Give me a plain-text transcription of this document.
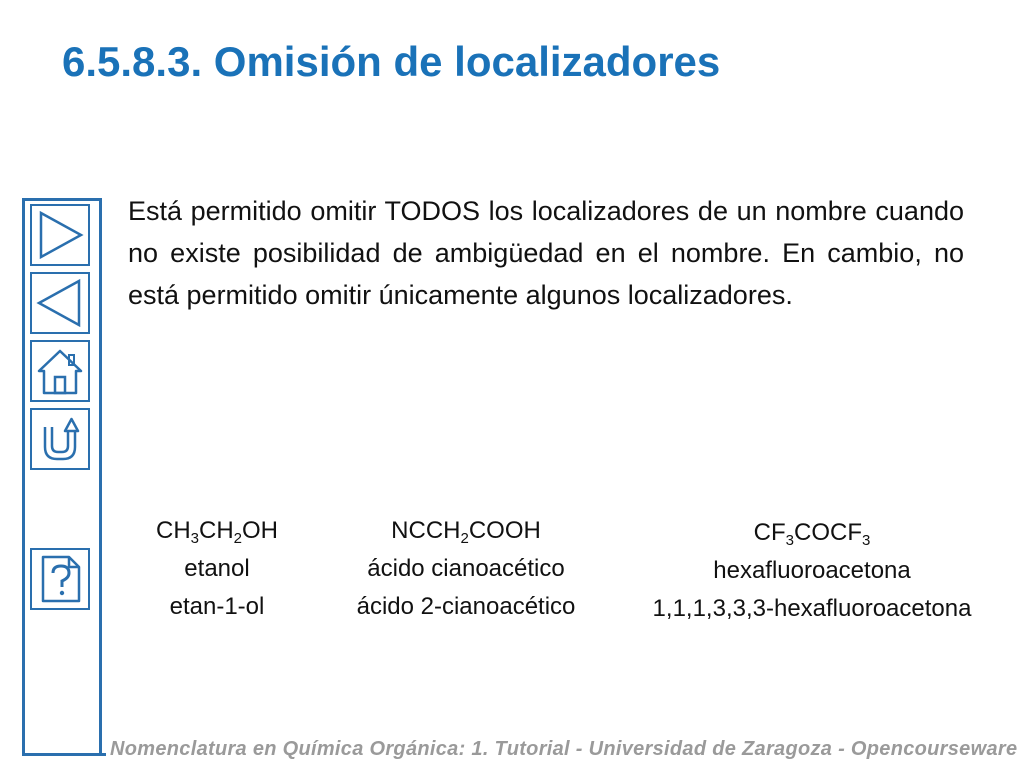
6.5.8.3. Omisión de localizadores

Está permitido omitir TODOS los localizadores de un nombre cuando no existe posibilidad de ambigüedad en el nombre. En cambio, no está permitido omitir únicamente algunos localizadores.

$CH_3CH_2OH$
etanol
etan-1-ol
$NCCH_2COOH$
ácido cianoacético
ácido 2-cianoacético
$CF_3COCF_3$
hexafluoroacetona
1,1,1,3,3,3-hexafluoroacetona
Nomenclatura en Química Orgánica: 1. Tutorial - Universidad de Zaragoza - Opencourseware
